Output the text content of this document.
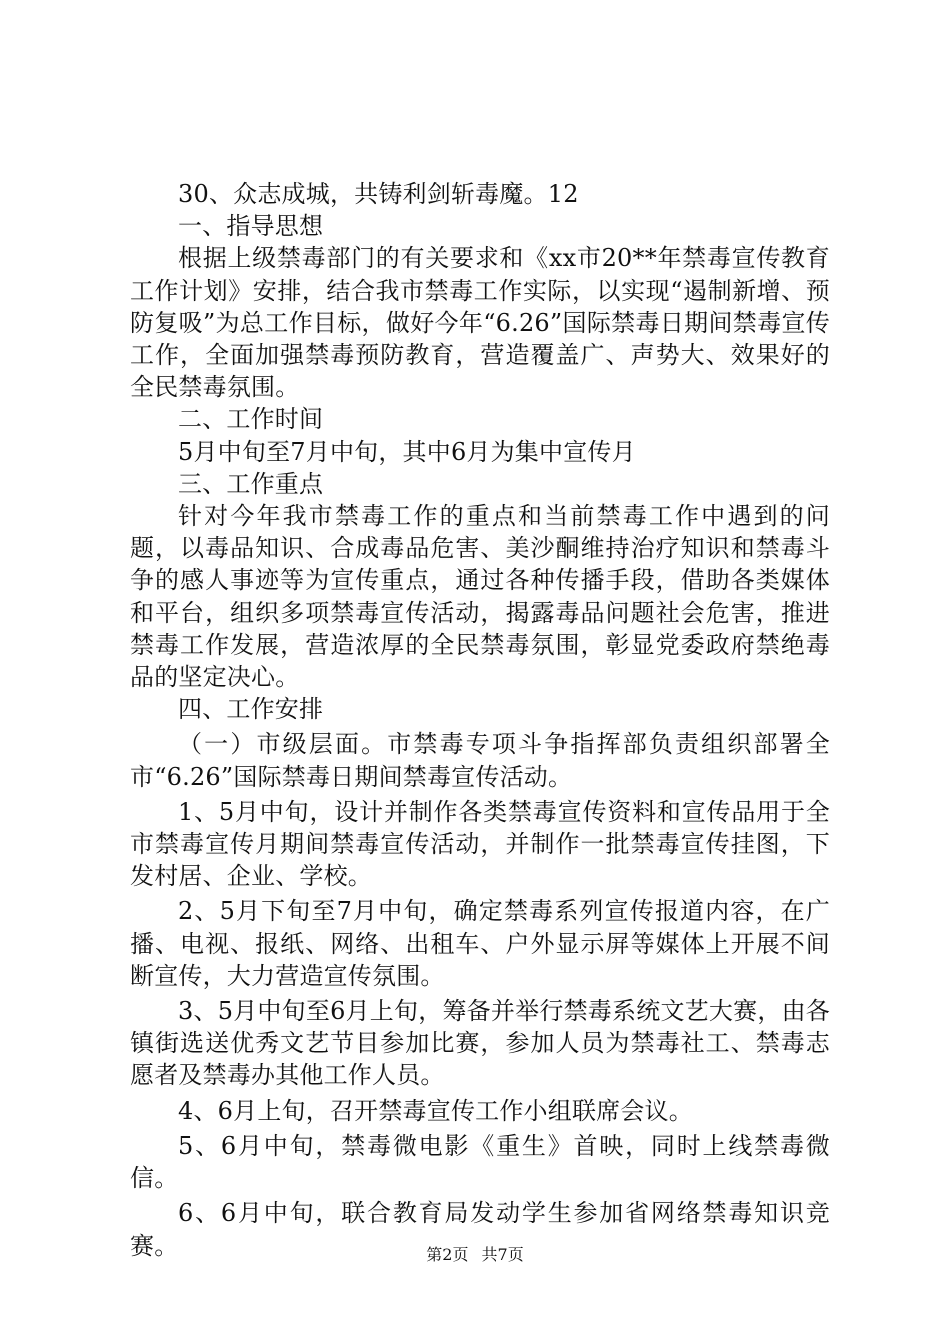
30、众志成城，共铸利剑斩毒魔。12

一、指导思想

根据上级禁毒部门的有关要求和《xx市20**年禁毒宣传教育工作计划》安排，结合我市禁毒工作实际，以实现“遏制新增、预防复吸”为总工作目标，做好今年“6.26”国际禁毒日期间禁毒宣传工作，全面加强禁毒预防教育，营造覆盖广、声势大、效果好的全民禁毒氛围。

二、工作时间

5月中旬至7月中旬，其中6月为集中宣传月

三、工作重点

针对今年我市禁毒工作的重点和当前禁毒工作中遇到的问题，以毒品知识、合成毒品危害、美沙酮维持治疗知识和禁毒斗争的感人事迹等为宣传重点，通过各种传播手段，借助各类媒体和平台，组织多项禁毒宣传活动，揭露毒品问题社会危害，推进禁毒工作发展，营造浓厚的全民禁毒氛围，彰显党委政府禁绝毒品的坚定决心。

四、工作安排

（一）市级层面。市禁毒专项斗争指挥部负责组织部署全市“6.26”国际禁毒日期间禁毒宣传活动。

1、5月中旬，设计并制作各类禁毒宣传资料和宣传品用于全市禁毒宣传月期间禁毒宣传活动，并制作一批禁毒宣传挂图，下发村居、企业、学校。

2、5月下旬至7月中旬，确定禁毒系列宣传报道内容，在广播、电视、报纸、网络、出租车、户外显示屏等媒体上开展不间断宣传，大力营造宣传氛围。

3、5月中旬至6月上旬，筹备并举行禁毒系统文艺大赛，由各镇街选送优秀文艺节目参加比赛，参加人员为禁毒社工、禁毒志愿者及禁毒办其他工作人员。

4、6月上旬，召开禁毒宣传工作小组联席会议。

5、6月中旬，禁毒微电影《重生》首映，同时上线禁毒微信。

6、6月中旬，联合教育局发动学生参加省网络禁毒知识竞赛。	第2页 共7页
